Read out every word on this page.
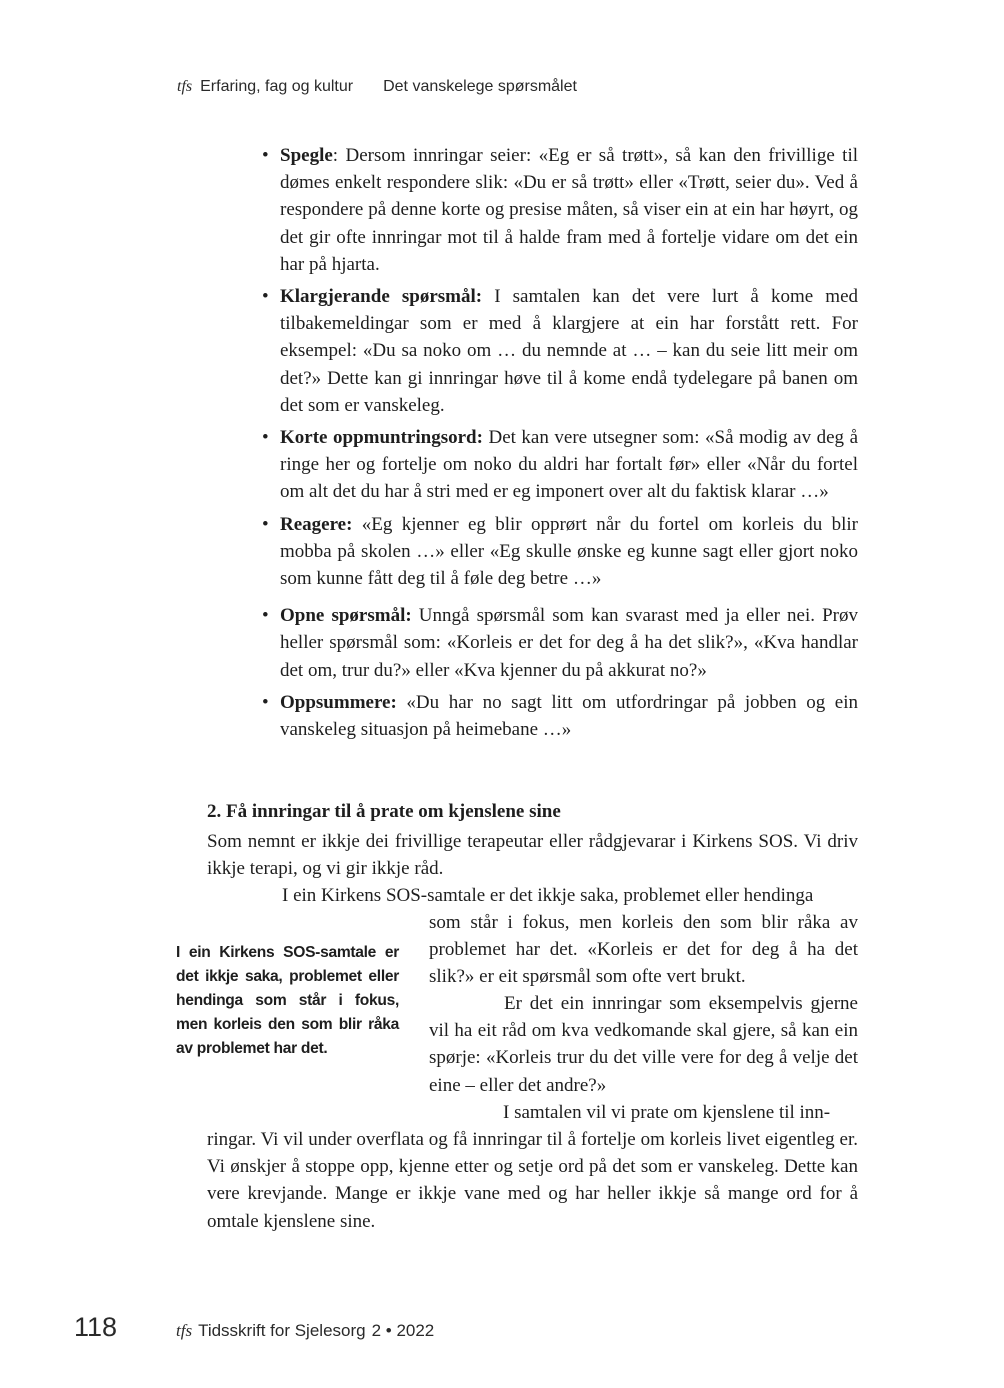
tfs Erfaring, fag og kultur Det vanskelege spørsmålet
• Spegle: Dersom innringar seier: «Eg er så trøtt», så kan den frivillige til dømes enkelt respondere slik: «Du er så trøtt» eller «Trøtt, seier du». Ved å respondere på denne korte og presise måten, så viser ein at ein har høyrt, og det gir ofte innringar mot til å halde fram med å fortelje vidare om det ein har på hjarta.
• Klargjerande spørsmål: I samtalen kan det vere lurt å kome med tilbakemeldingar som er med å klargjere at ein har forstått rett. For eksempel: «Du sa noko om … du nemnde at … – kan du seie litt meir om det?» Dette kan gi innringar høve til å kome endå tydelegare på banen om det som er vanskeleg.
• Korte oppmuntringsord: Det kan vere utsegner som: «Så modig av deg å ringe her og fortelje om noko du aldri har fortalt før» eller «Når du fortel om alt det du har å stri med er eg imponert over alt du faktisk klarar …»
• Reagere: «Eg kjenner eg blir opprørt når du fortel om korleis du blir mobba på skolen …» eller «Eg skulle ønske eg kunne sagt eller gjort noko som kunne fått deg til å føle deg betre …»
• Opne spørsmål: Unngå spørsmål som kan svarast med ja eller nei. Prøv heller spørsmål som: «Korleis er det for deg å ha det slik?», «Kva handlar det om, trur du?» eller «Kva kjenner du på akkurat no?»
• Oppsummere: «Du har no sagt litt om utfordringar på jobben og ein vanskeleg situasjon på heimebane …»
2. Få innringar til å prate om kjenslene sine
Som nemnt er ikkje dei frivillige terapeutar eller rådgjevarar i Kirkens SOS. Vi driv ikkje terapi, og vi gir ikkje råd.
I ein Kirkens SOS-samtale er det ikkje saka, problemet eller hendinga
I ein Kirkens SOS-samtale er det ikkje saka, problemet eller hendinga som står i fokus, men korleis den som blir råka av problemet har det.
som står i fokus, men korleis den som blir råka av problemet har det. «Korleis er det for deg å ha det slik?» er eit spørsmål som ofte vert brukt.
Er det ein innringar som eksempelvis gjerne vil ha eit råd om kva vedkomande skal gjere, så kan ein spørje: «Korleis trur du det ville vere for deg å velje det eine – eller det andre?»
I samtalen vil vi prate om kjenslene til inn-
ringar. Vi vil under overflata og få innringar til å fortelje om korleis livet eigentleg er. Vi ønskjer å stoppe opp, kjenne etter og setje ord på det som er vanskeleg. Dette kan vere krevjande. Mange er ikkje vane med og har heller ikkje så mange ord for å omtale kjenslene sine.
118	tfs Tidsskrift for Sjelesorg 2 • 2022
